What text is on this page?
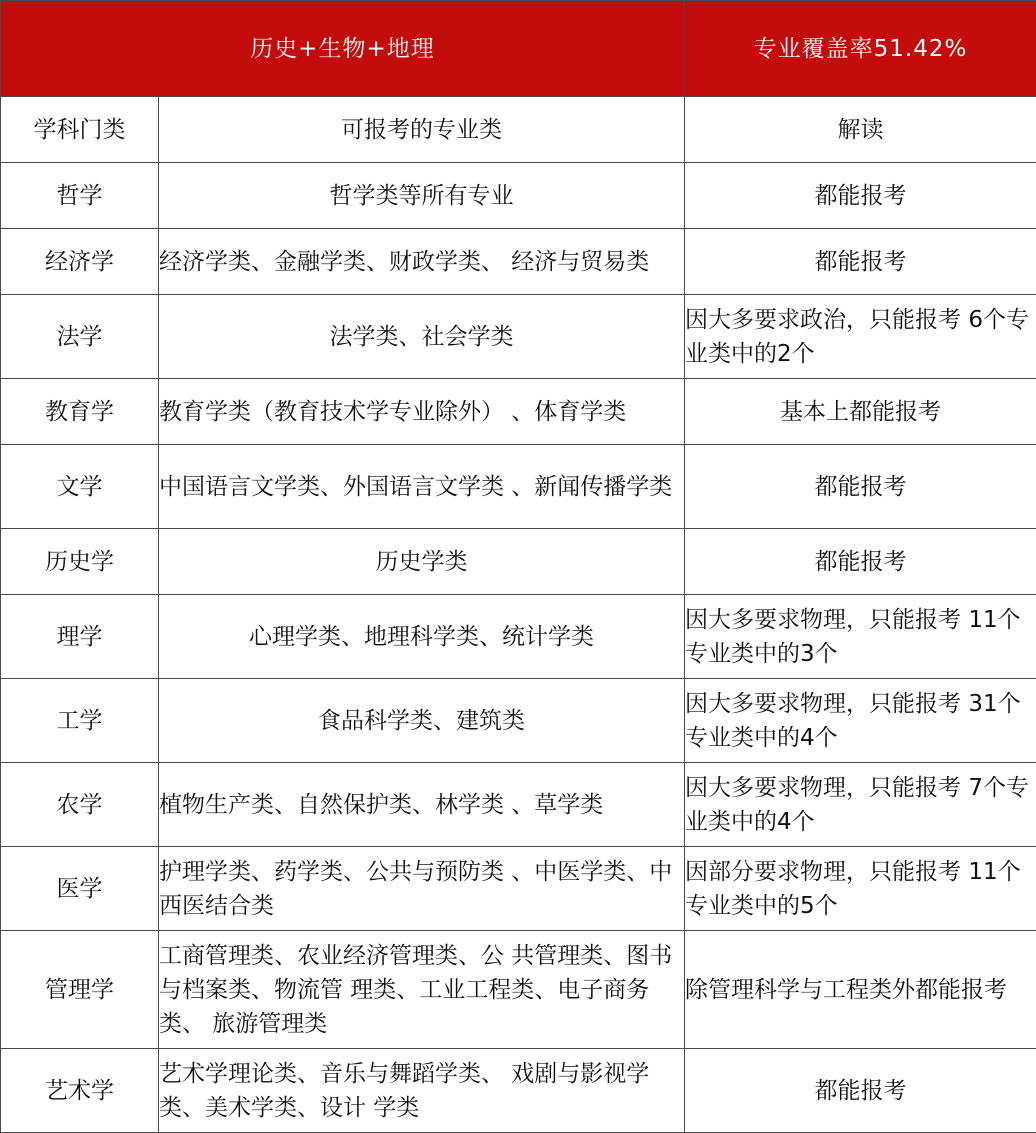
历史+生物+地理		专业覆盖率51.42%
学科门类	可报考的专业类	解读
哲学	哲学类等所有专业	都能报考
经济学	经济学类、金融学类、财政学类、 经济与贸易类	都能报考
法学	法学类、社会学类	因大多要求政治，只能报考 6个专业类中的2个
教育学	教育学类（教育技术学专业除外） 、体育学类	基本上都能报考
文学	中国语言文学类、外国语言文学类 、新闻传播学类	都能报考
历史学	历史学类	都能报考
理学	心理学类、地理科学类、统计学类	因大多要求物理，只能报考 11个专业类中的3个
工学	食品科学类、建筑类	因大多要求物理，只能报考 31个专业类中的4个
农学	植物生产类、自然保护类、林学类 、草学类	因大多要求物理，只能报考 7个专业类中的4个
医学	护理学类、药学类、公共与预防类 、中医学类、中西医结合类	因部分要求物理，只能报考 11个专业类中的5个
管理学	工商管理类、农业经济管理类、公 共管理类、图书与档案类、物流管 理类、工业工程类、电子商务类、 旅游管理类	除管理科学与工程类外都能报考
艺术学	艺术学理论类、音乐与舞蹈学类、 戏剧与影视学类、美术学类、设计 学类	都能报考
